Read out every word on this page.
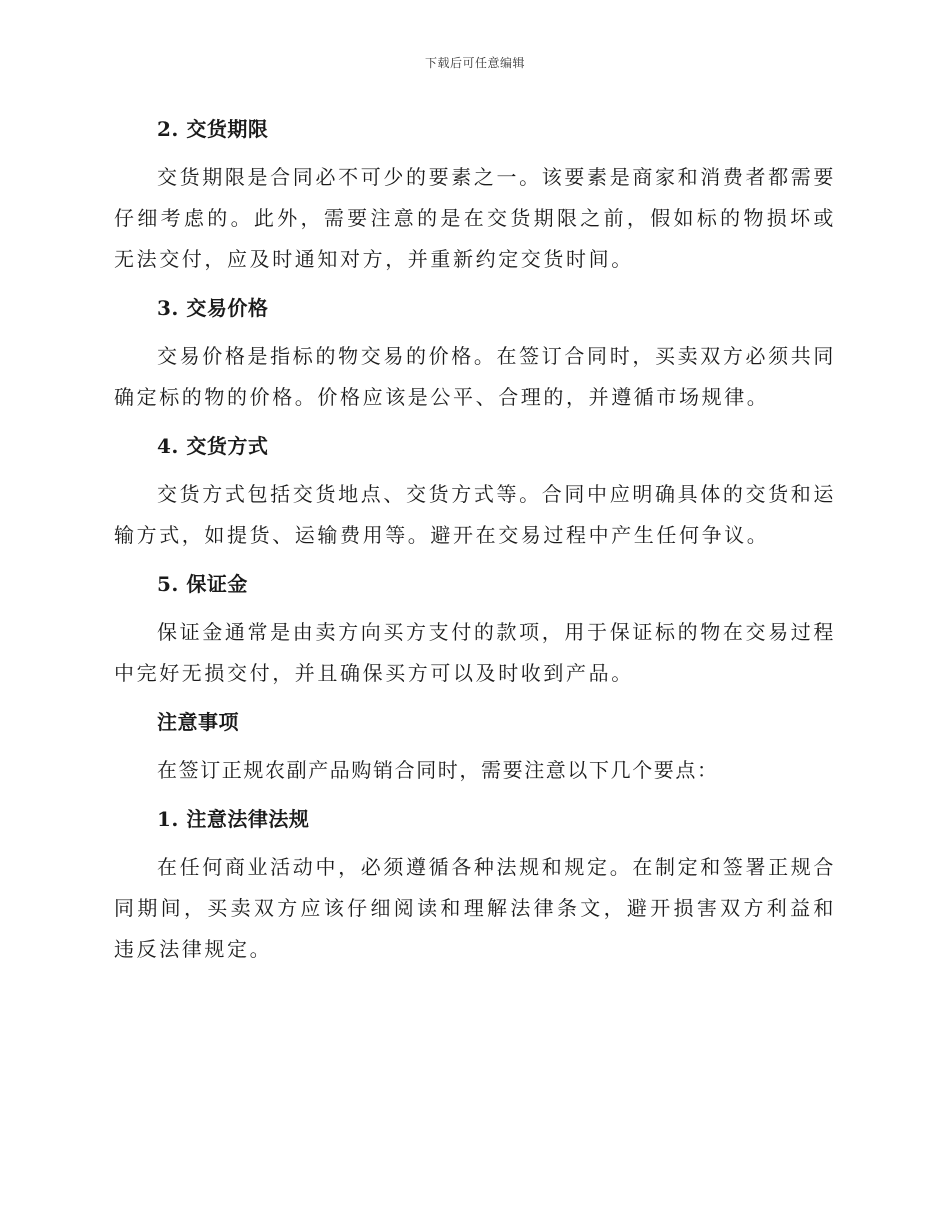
下载后可任意编辑

2. 交货期限

交货期限是合同必不可少的要素之一。该要素是商家和消费者都需要仔细考虑的。此外，需要注意的是在交货期限之前，假如标的物损坏或无法交付，应及时通知对方，并重新约定交货时间。

3. 交易价格

交易价格是指标的物交易的价格。在签订合同时，买卖双方必须共同确定标的物的价格。价格应该是公平、合理的，并遵循市场规律。

4. 交货方式

交货方式包括交货地点、交货方式等。合同中应明确具体的交货和运输方式，如提货、运输费用等。避开在交易过程中产生任何争议。

5. 保证金

保证金通常是由卖方向买方支付的款项，用于保证标的物在交易过程中完好无损交付，并且确保买方可以及时收到产品。

注意事项

在签订正规农副产品购销合同时，需要注意以下几个要点：

1. 注意法律法规

在任何商业活动中，必须遵循各种法规和规定。在制定和签署正规合同期间，买卖双方应该仔细阅读和理解法律条文，避开损害双方利益和违反法律规定。
